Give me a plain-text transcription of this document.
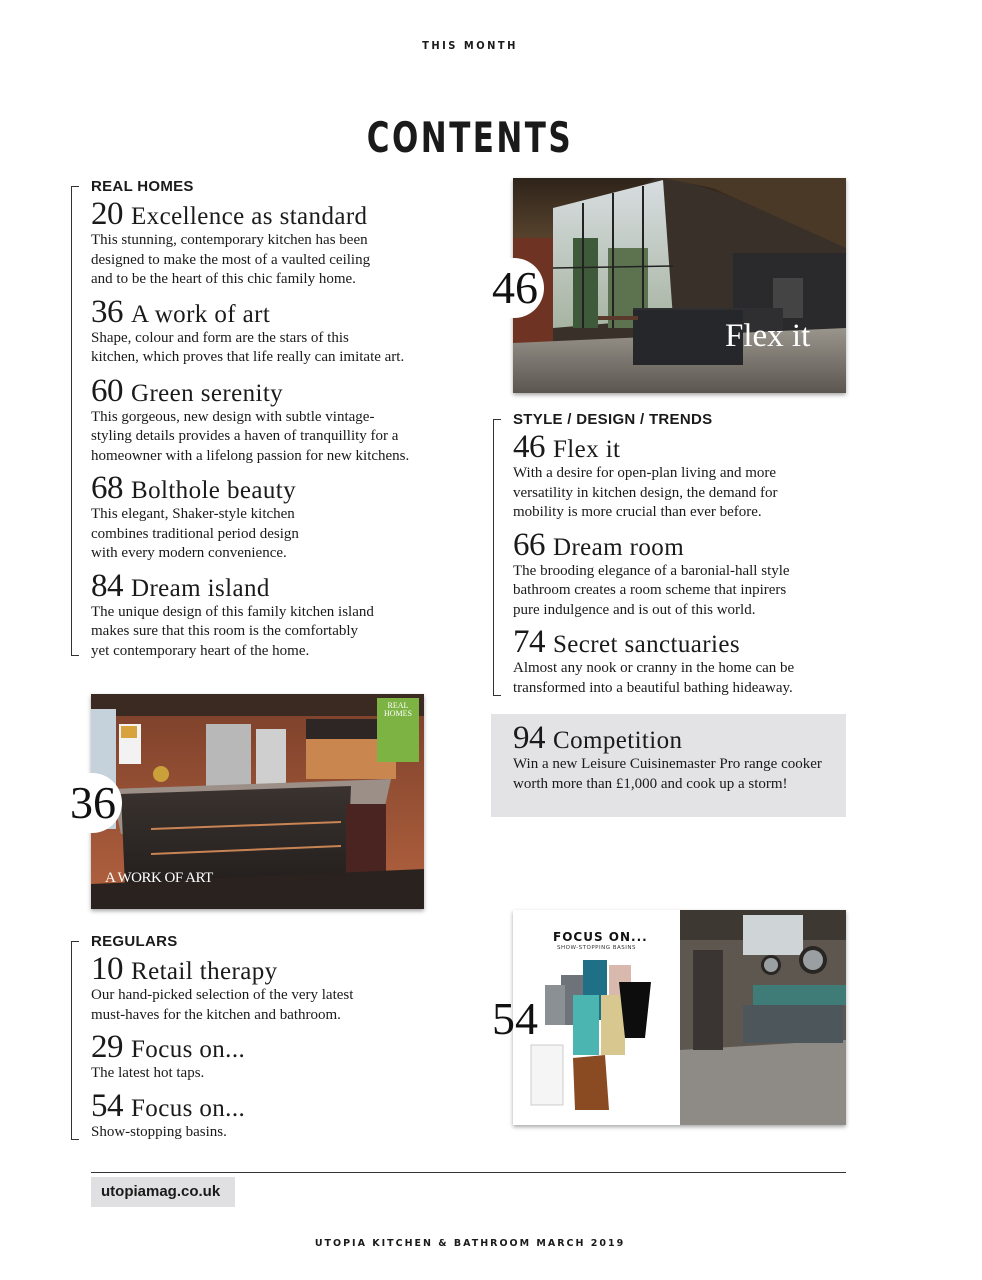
THIS MONTH
CONTENTS
REAL HOMES
20 Excellence as standard
This stunning, contemporary kitchen has been
designed to make the most of a vaulted ceiling
and to be the heart of this chic family home.
36 A work of art
Shape, colour and form are the stars of this
kitchen, which proves that life really can imitate art.
60 Green serenity
This gorgeous, new design with subtle vintage-
styling details provides a haven of tranquillity for a
homeowner with a lifelong passion for new kitchens.
68 Bolthole beauty
This elegant, Shaker-style kitchen
combines traditional period design
with every modern convenience.
84 Dream island
The unique design of this family kitchen island
makes sure that this room is the comfortably
yet contemporary heart of the home.
Flex it
46
STYLE / DESIGN / TRENDS
46 Flex it
With a desire for open-plan living and more
versatility in kitchen design, the demand for
mobility is more crucial than ever before.
66 Dream room
The brooding elegance of a baronial-hall style
bathroom creates a room scheme that inpirers
pure indulgence and is out of this world.
74 Secret sanctuaries
Almost any nook or cranny in the home can be
transformed into a beautiful bathing hideaway.
94 Competition
Win a new Leisure Cuisinemaster Pro range cooker
worth more than £1,000 and cook up a storm!
REAL
HOMES
A WORK OF ART
36
REGULARS
10 Retail therapy
Our hand-picked selection of the very latest
must-haves for the kitchen and bathroom.
29 Focus on...
The latest hot taps.
54 Focus on...
Show-stopping basins.
FOCUS ON...
SHOW-STOPPING BASINS
54
utopiamag.co.uk
UTOPIA KITCHEN & BATHROOM MARCH 2019
